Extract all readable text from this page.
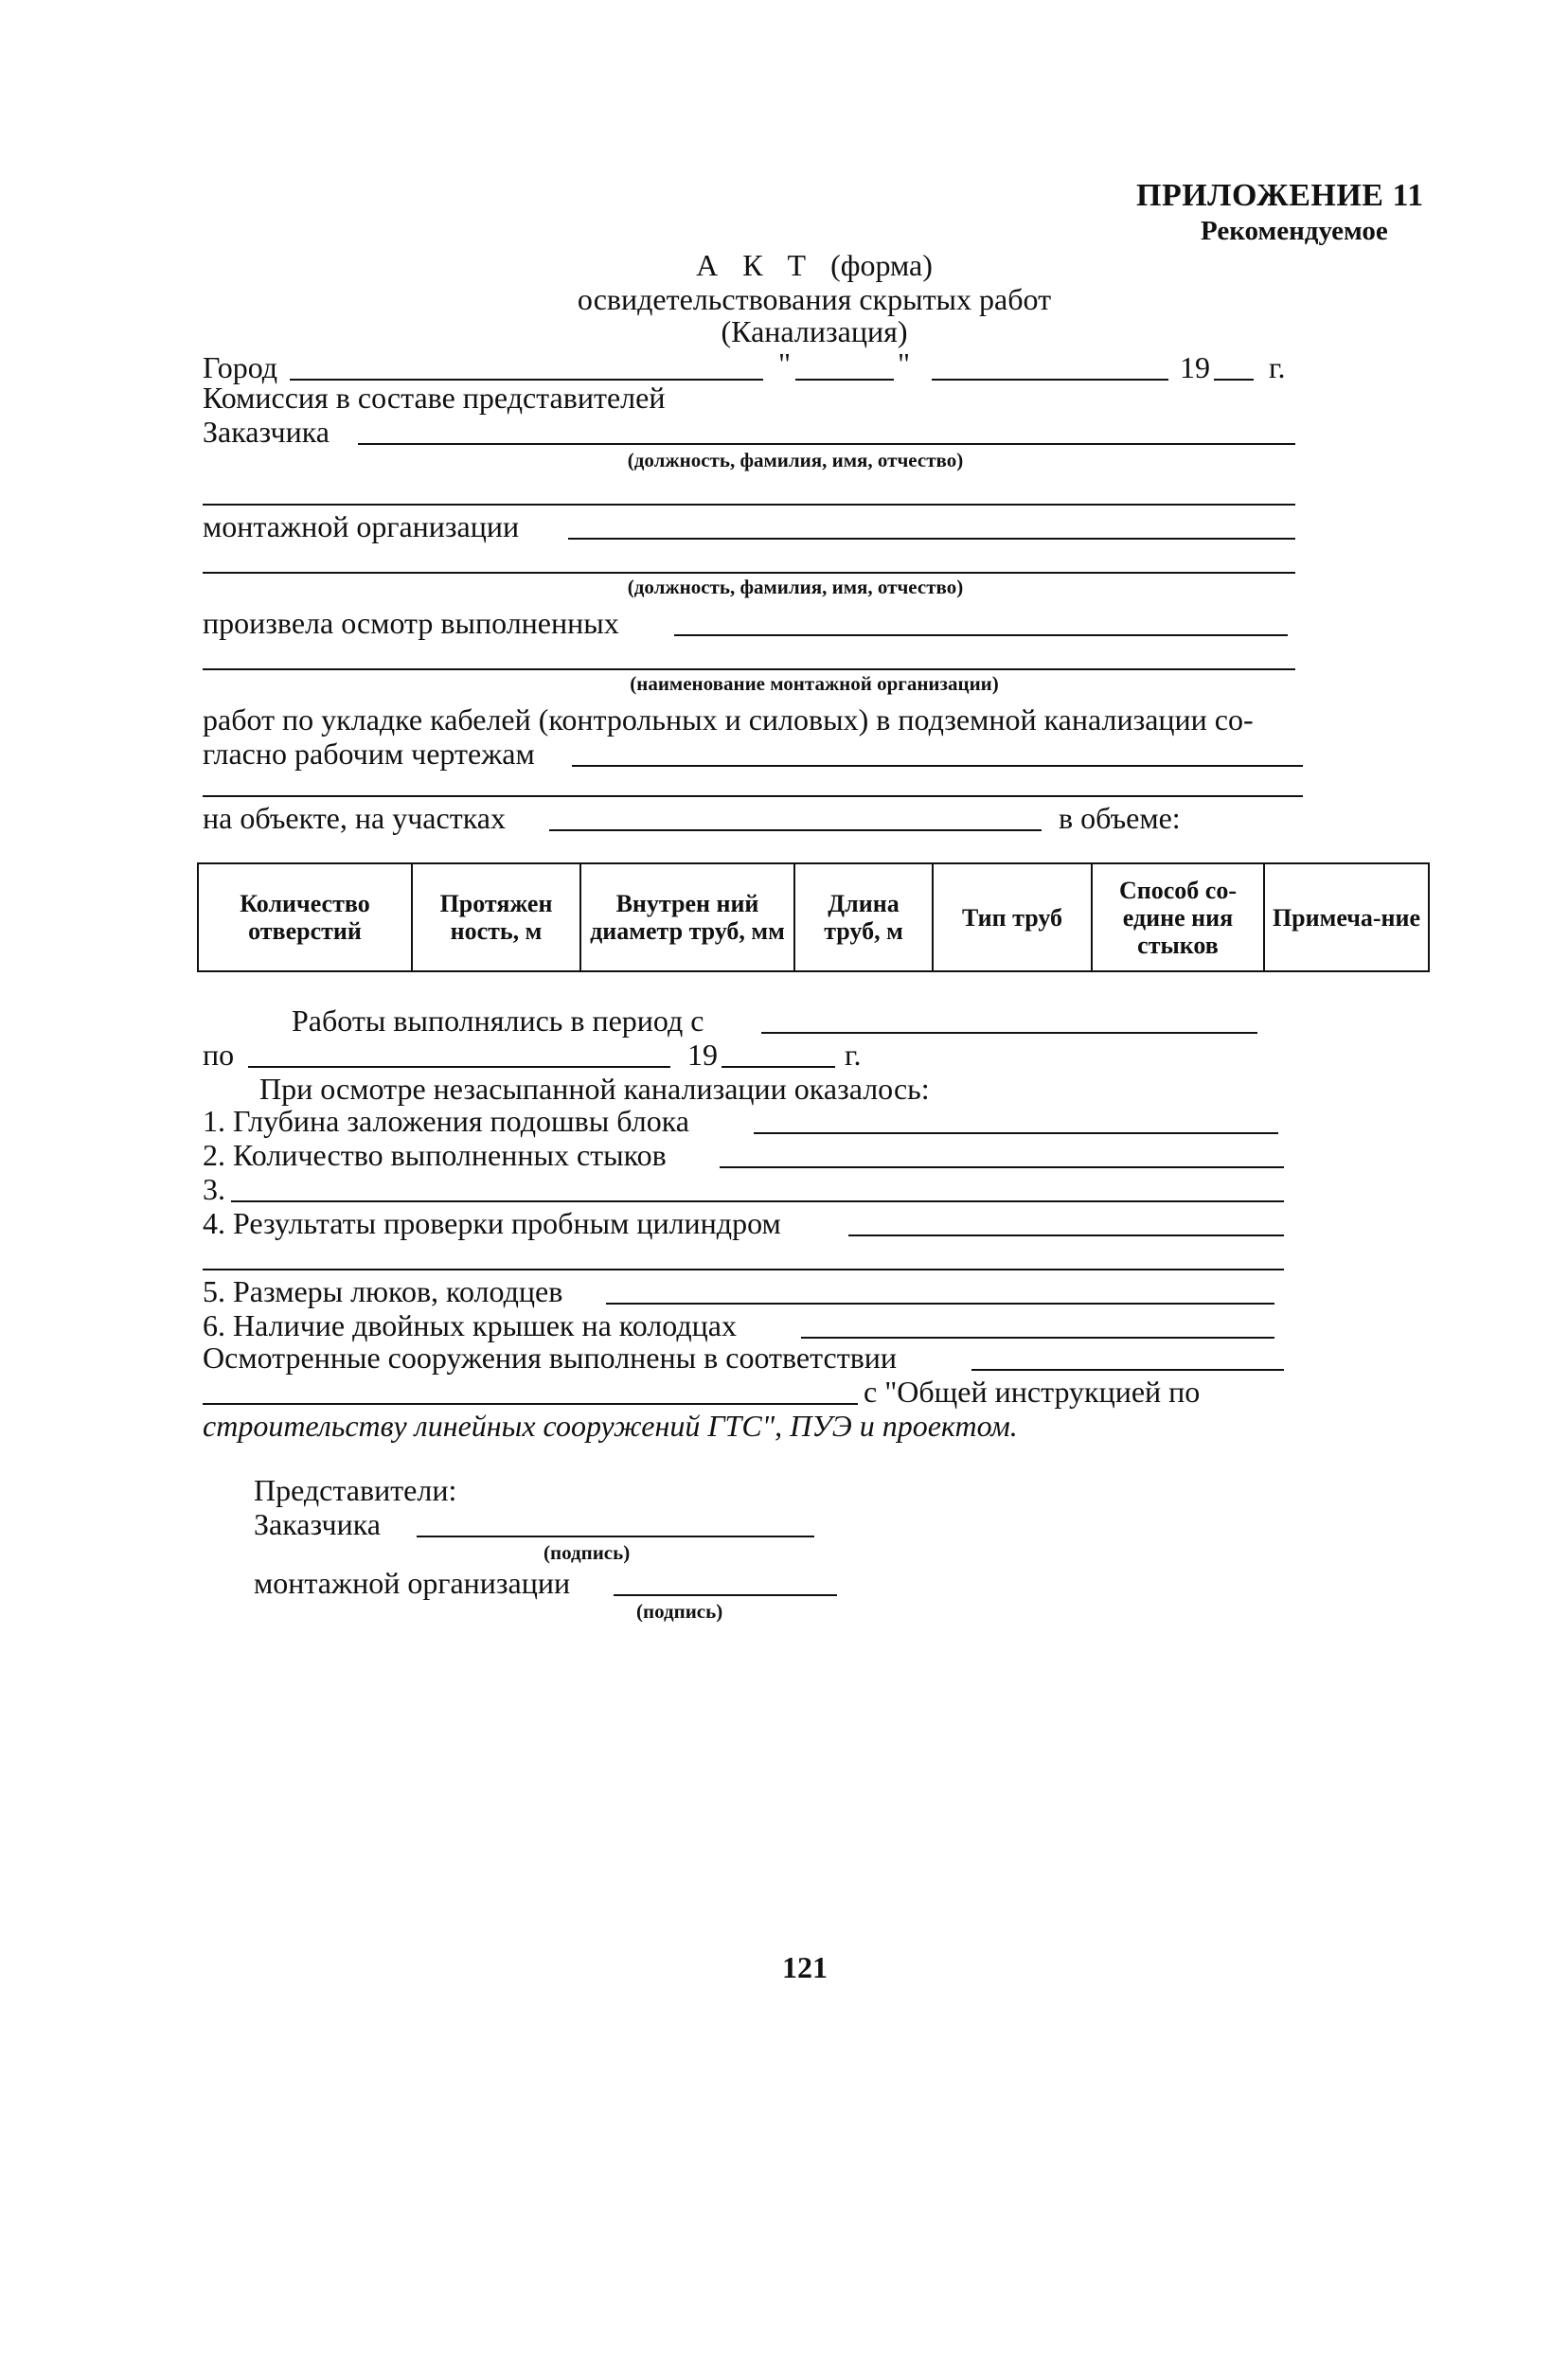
ПРИЛОЖЕНИЕ 11
Рекомендуемое
А К Т (форма)
освидетельствования скрытых работ
(Канализация)
Город	"	"	19 г.
Комиссия в составе представителей
Заказчика
(должность, фамилия, имя, отчество)
монтажной организации
(должность, фамилия, имя, отчество)
произвела осмотр выполненных
(наименование монтажной организации)
работ по укладке кабелей (контрольных и силовых) в подземной канализации со-
гласно рабочим чертежам
на объекте, на участках	в объеме:
Количество отверстий	Протяжен ность, м	Внутрен ний диаметр труб, мм	Длина труб, м	Тип труб	Способ со-едине ния стыков	Примеча-ние
Работы выполнялись в период с
по	19	г.
При осмотре незасыпанной канализации оказалось:
1. Глубина заложения подошвы блока
2. Количество выполненных стыков
3.
4. Результаты проверки пробным цилиндром
5. Размеры люков, колодцев
6. Наличие двойных крышек на колодцах
Осмотренные сооружения выполнены в соответствии
с "Общей инструкцией по
строительству линейных сооружений ГТС", ПУЭ и проектом.
Представители:
Заказчика
(подпись)
монтажной организации
(подпись)
121
